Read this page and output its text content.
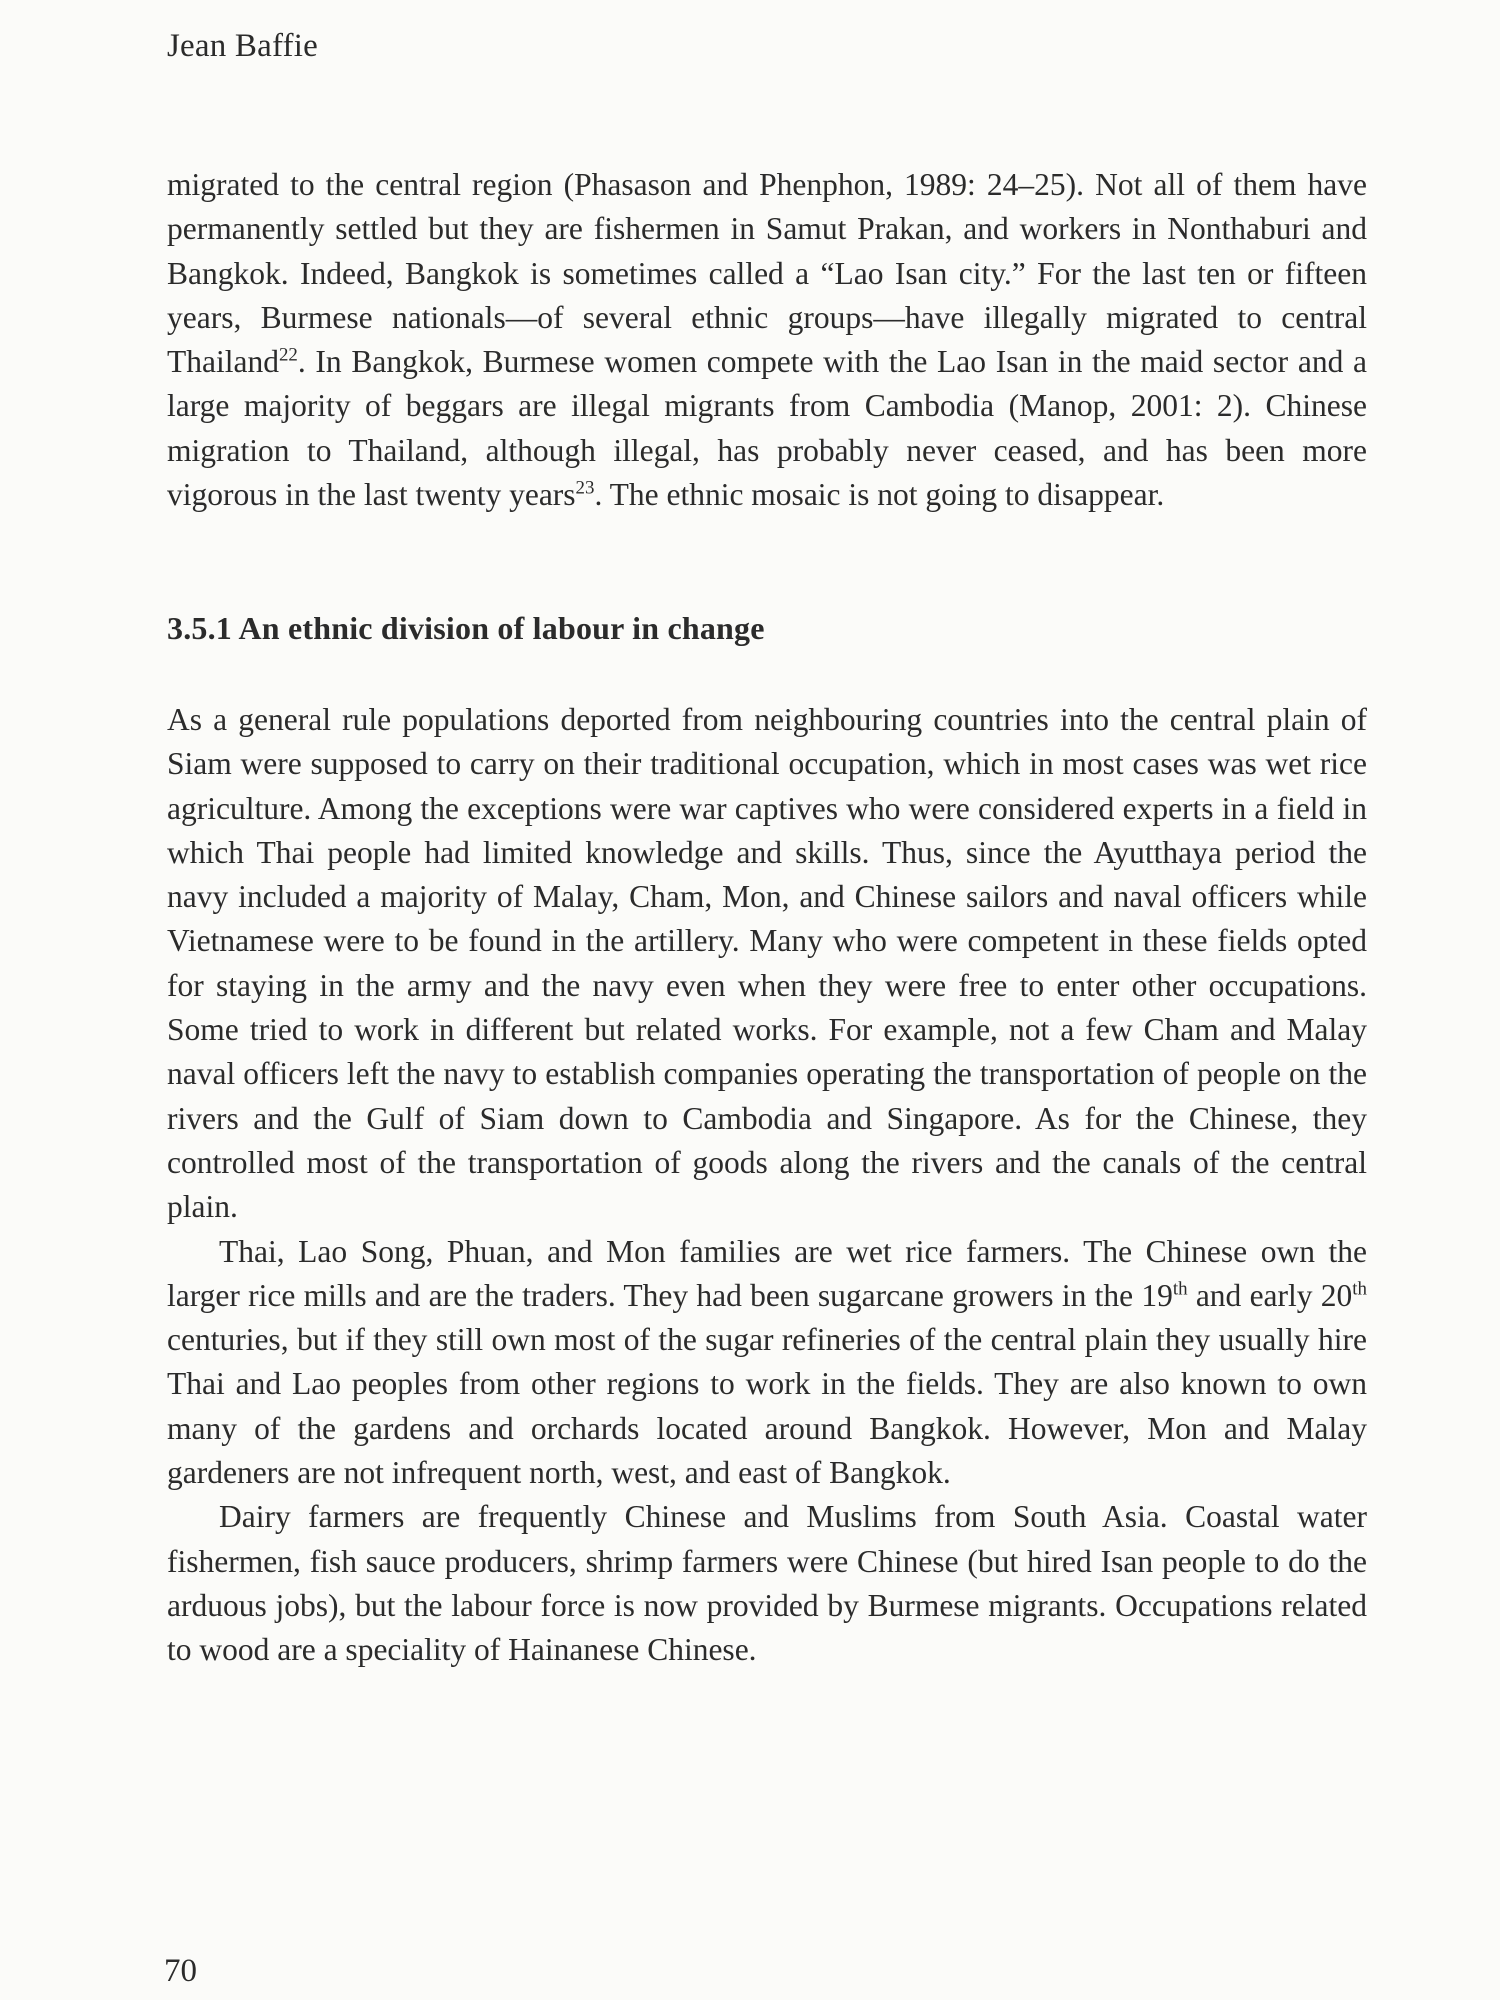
Jean Baffie

migrated to the central region (Phasason and Phenphon, 1989: 24–25). Not all of them have permanently settled but they are fishermen in Samut Prakan, and workers in Nonthaburi and Bangkok. Indeed, Bangkok is sometimes called a “Lao Isan city.” For the last ten or fifteen years, Burmese nationals—of several ethnic groups—have illegally migrated to central Thailand$^{22}$. In Bangkok, Burmese women compete with the Lao Isan in the maid sector and a large majority of beggars are illegal migrants from Cambodia (Manop, 2001: 2). Chinese migration to Thailand, although illegal, has probably never ceased, and has been more vigorous in the last twenty years$^{23}$. The ethnic mosaic is not going to disappear.

3.5.1 An ethnic division of labour in change

As a general rule populations deported from neighbouring countries into the central plain of Siam were supposed to carry on their traditional occupation, which in most cases was wet rice agriculture. Among the exceptions were war captives who were considered experts in a field in which Thai people had limited knowledge and skills. Thus, since the Ayutthaya period the navy included a majority of Malay, Cham, Mon, and Chinese sailors and naval officers while Vietnamese were to be found in the artillery. Many who were competent in these fields opted for staying in the army and the navy even when they were free to enter other occupations. Some tried to work in different but related works. For example, not a few Cham and Malay naval officers left the navy to establish companies operating the transportation of people on the rivers and the Gulf of Siam down to Cambodia and Singapore. As for the Chinese, they controlled most of the transportation of goods along the rivers and the canals of the central plain.

Thai, Lao Song, Phuan, and Mon families are wet rice farmers. The Chinese own the larger rice mills and are the traders. They had been sugarcane growers in the 19th and early 20th centuries, but if they still own most of the sugar refineries of the central plain they usually hire Thai and Lao peoples from other regions to work in the fields. They are also known to own many of the gardens and orchards located around Bangkok. However, Mon and Malay gardeners are not infrequent north, west, and east of Bangkok.

Dairy farmers are frequently Chinese and Muslims from South Asia. Coastal water fishermen, fish sauce producers, shrimp farmers were Chinese (but hired Isan people to do the arduous jobs), but the labour force is now provided by Burmese migrants. Occupations related to wood are a speciality of Hainanese Chinese.

70
